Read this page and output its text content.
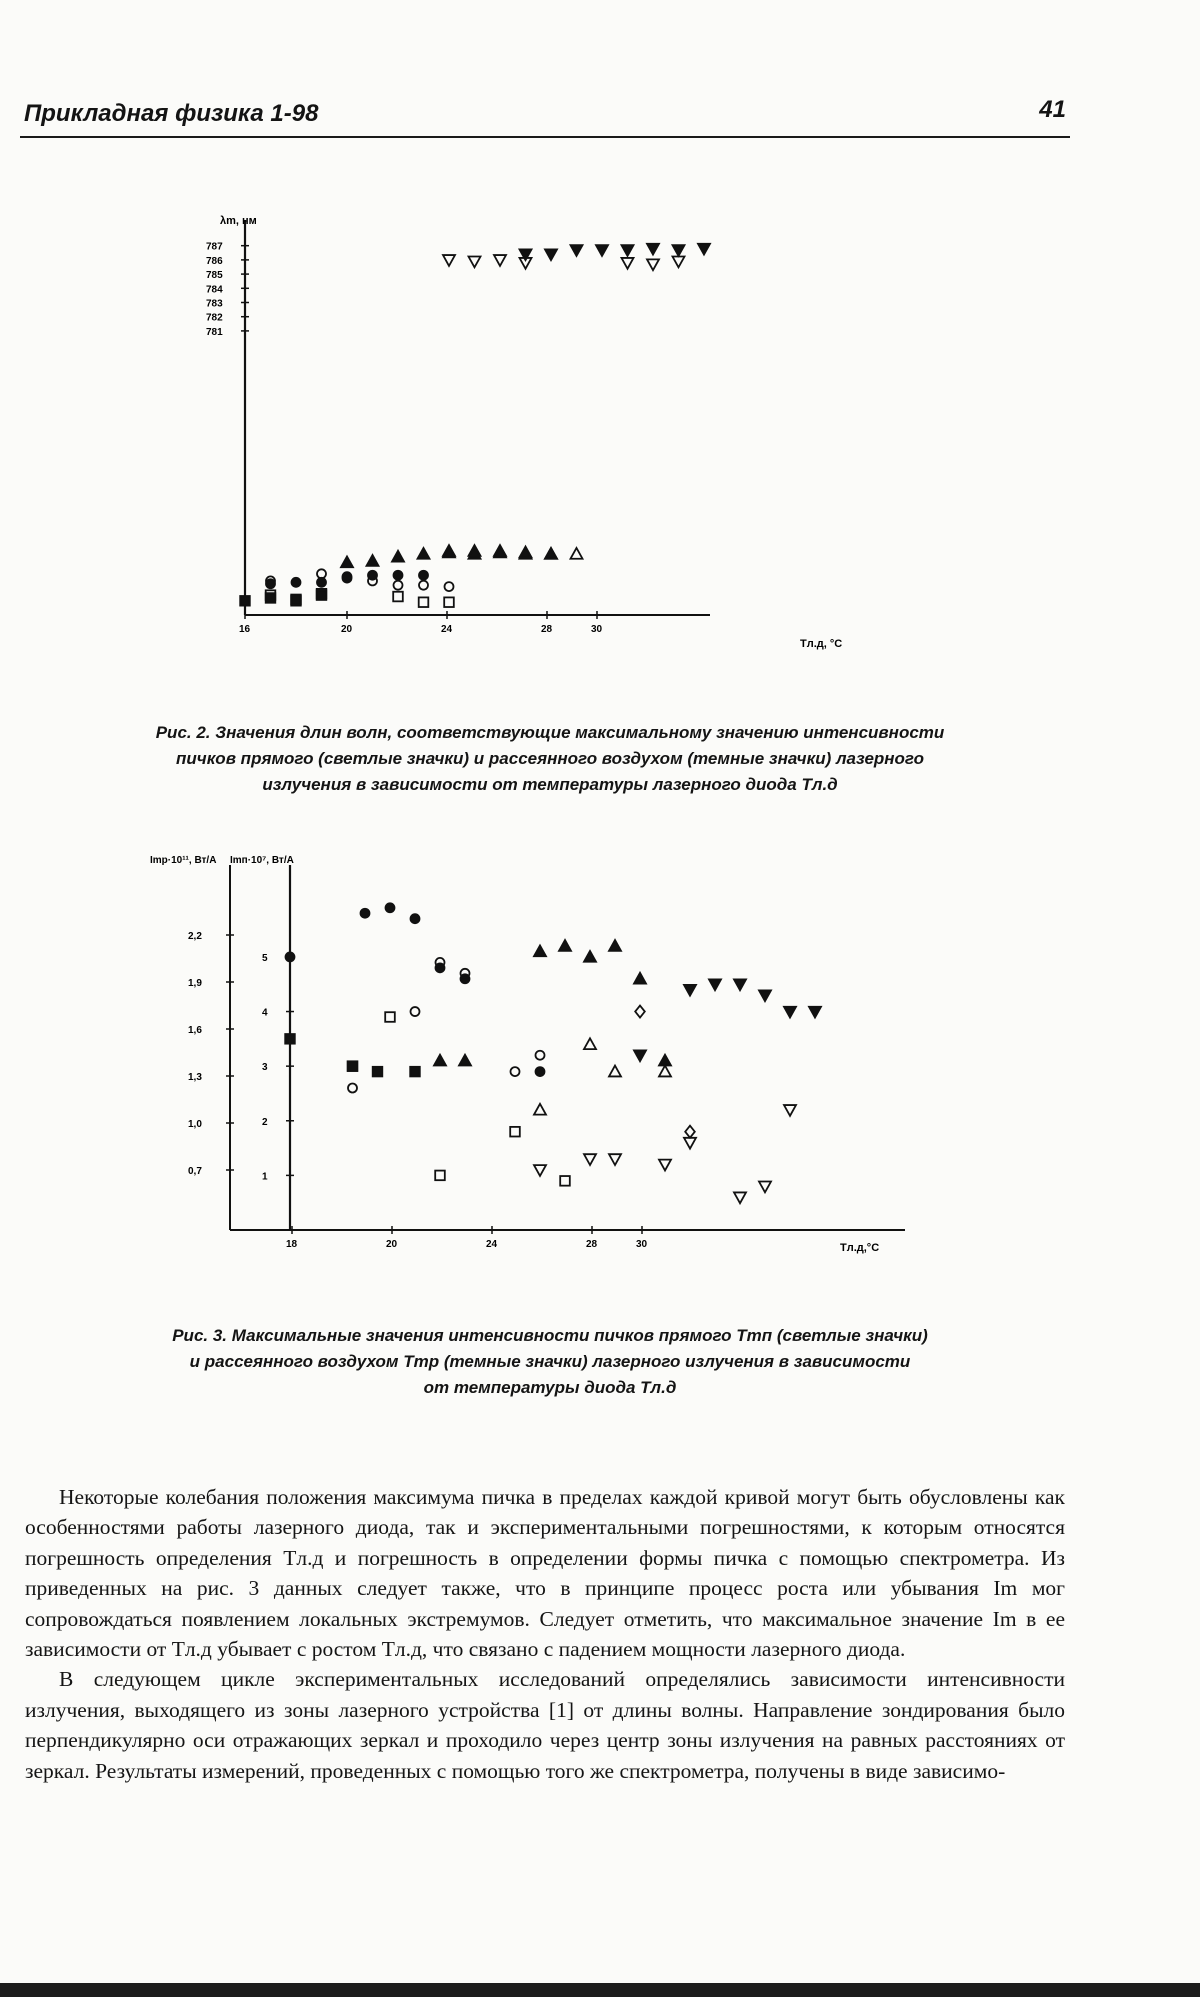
Прикладная физика 1-98	41
λm, нм
Tл.д, °C
787
786
785
784
783
782
781
16	20	24	28	30
Рис. 2. Значения длин волн, соответствующие максимальному значению интенсивности
пичков прямого (светлые значки) и рассеянного воздухом (темные значки) лазерного
излучения в зависимости от температуры лазерного диода Tл.д
Imp·10¹¹, Вт/А Imп·10⁷, Вт/А
Tл.д,°C
2,2
1,9
1,6
1,3
1,0
0,7
5
4
3
2
1
18	20	24	28	30
Рис. 3. Максимальные значения интенсивности пичков прямого Tmп (светлые значки)
и рассеянного воздухом Tmр (темные значки) лазерного излучения в зависимости
от температуры диода Tл.д

Некоторые колебания положения максимума пичка в пределах каждой кривой могут быть обусловлены как особенностями работы лазерного диода, так и экспериментальными погрешностями, к которым относятся погрешность определения Tл.д и погрешность в определении формы пичка с помощью спектрометра. Из приведенных на рис. 3 данных следует также, что в принципе процесс роста или убывания Im мог сопровождаться появлением локальных экстремумов. Следует отметить, что максимальное значение Im в ее зависимости от Tл.д убывает с ростом Tл.д, что связано с падением мощности лазерного диода.

В следующем цикле экспериментальных исследований определялись зависимости интенсивности излучения, выходящего из зоны лазерного устройства [1] от длины волны. Направление зондирования было перпендикулярно оси отражающих зеркал и проходило через центр зоны излучения на равных расстояниях от зеркал. Результаты измерений, проведенных с помощью того же спектрометра, получены в виде зависимо-
